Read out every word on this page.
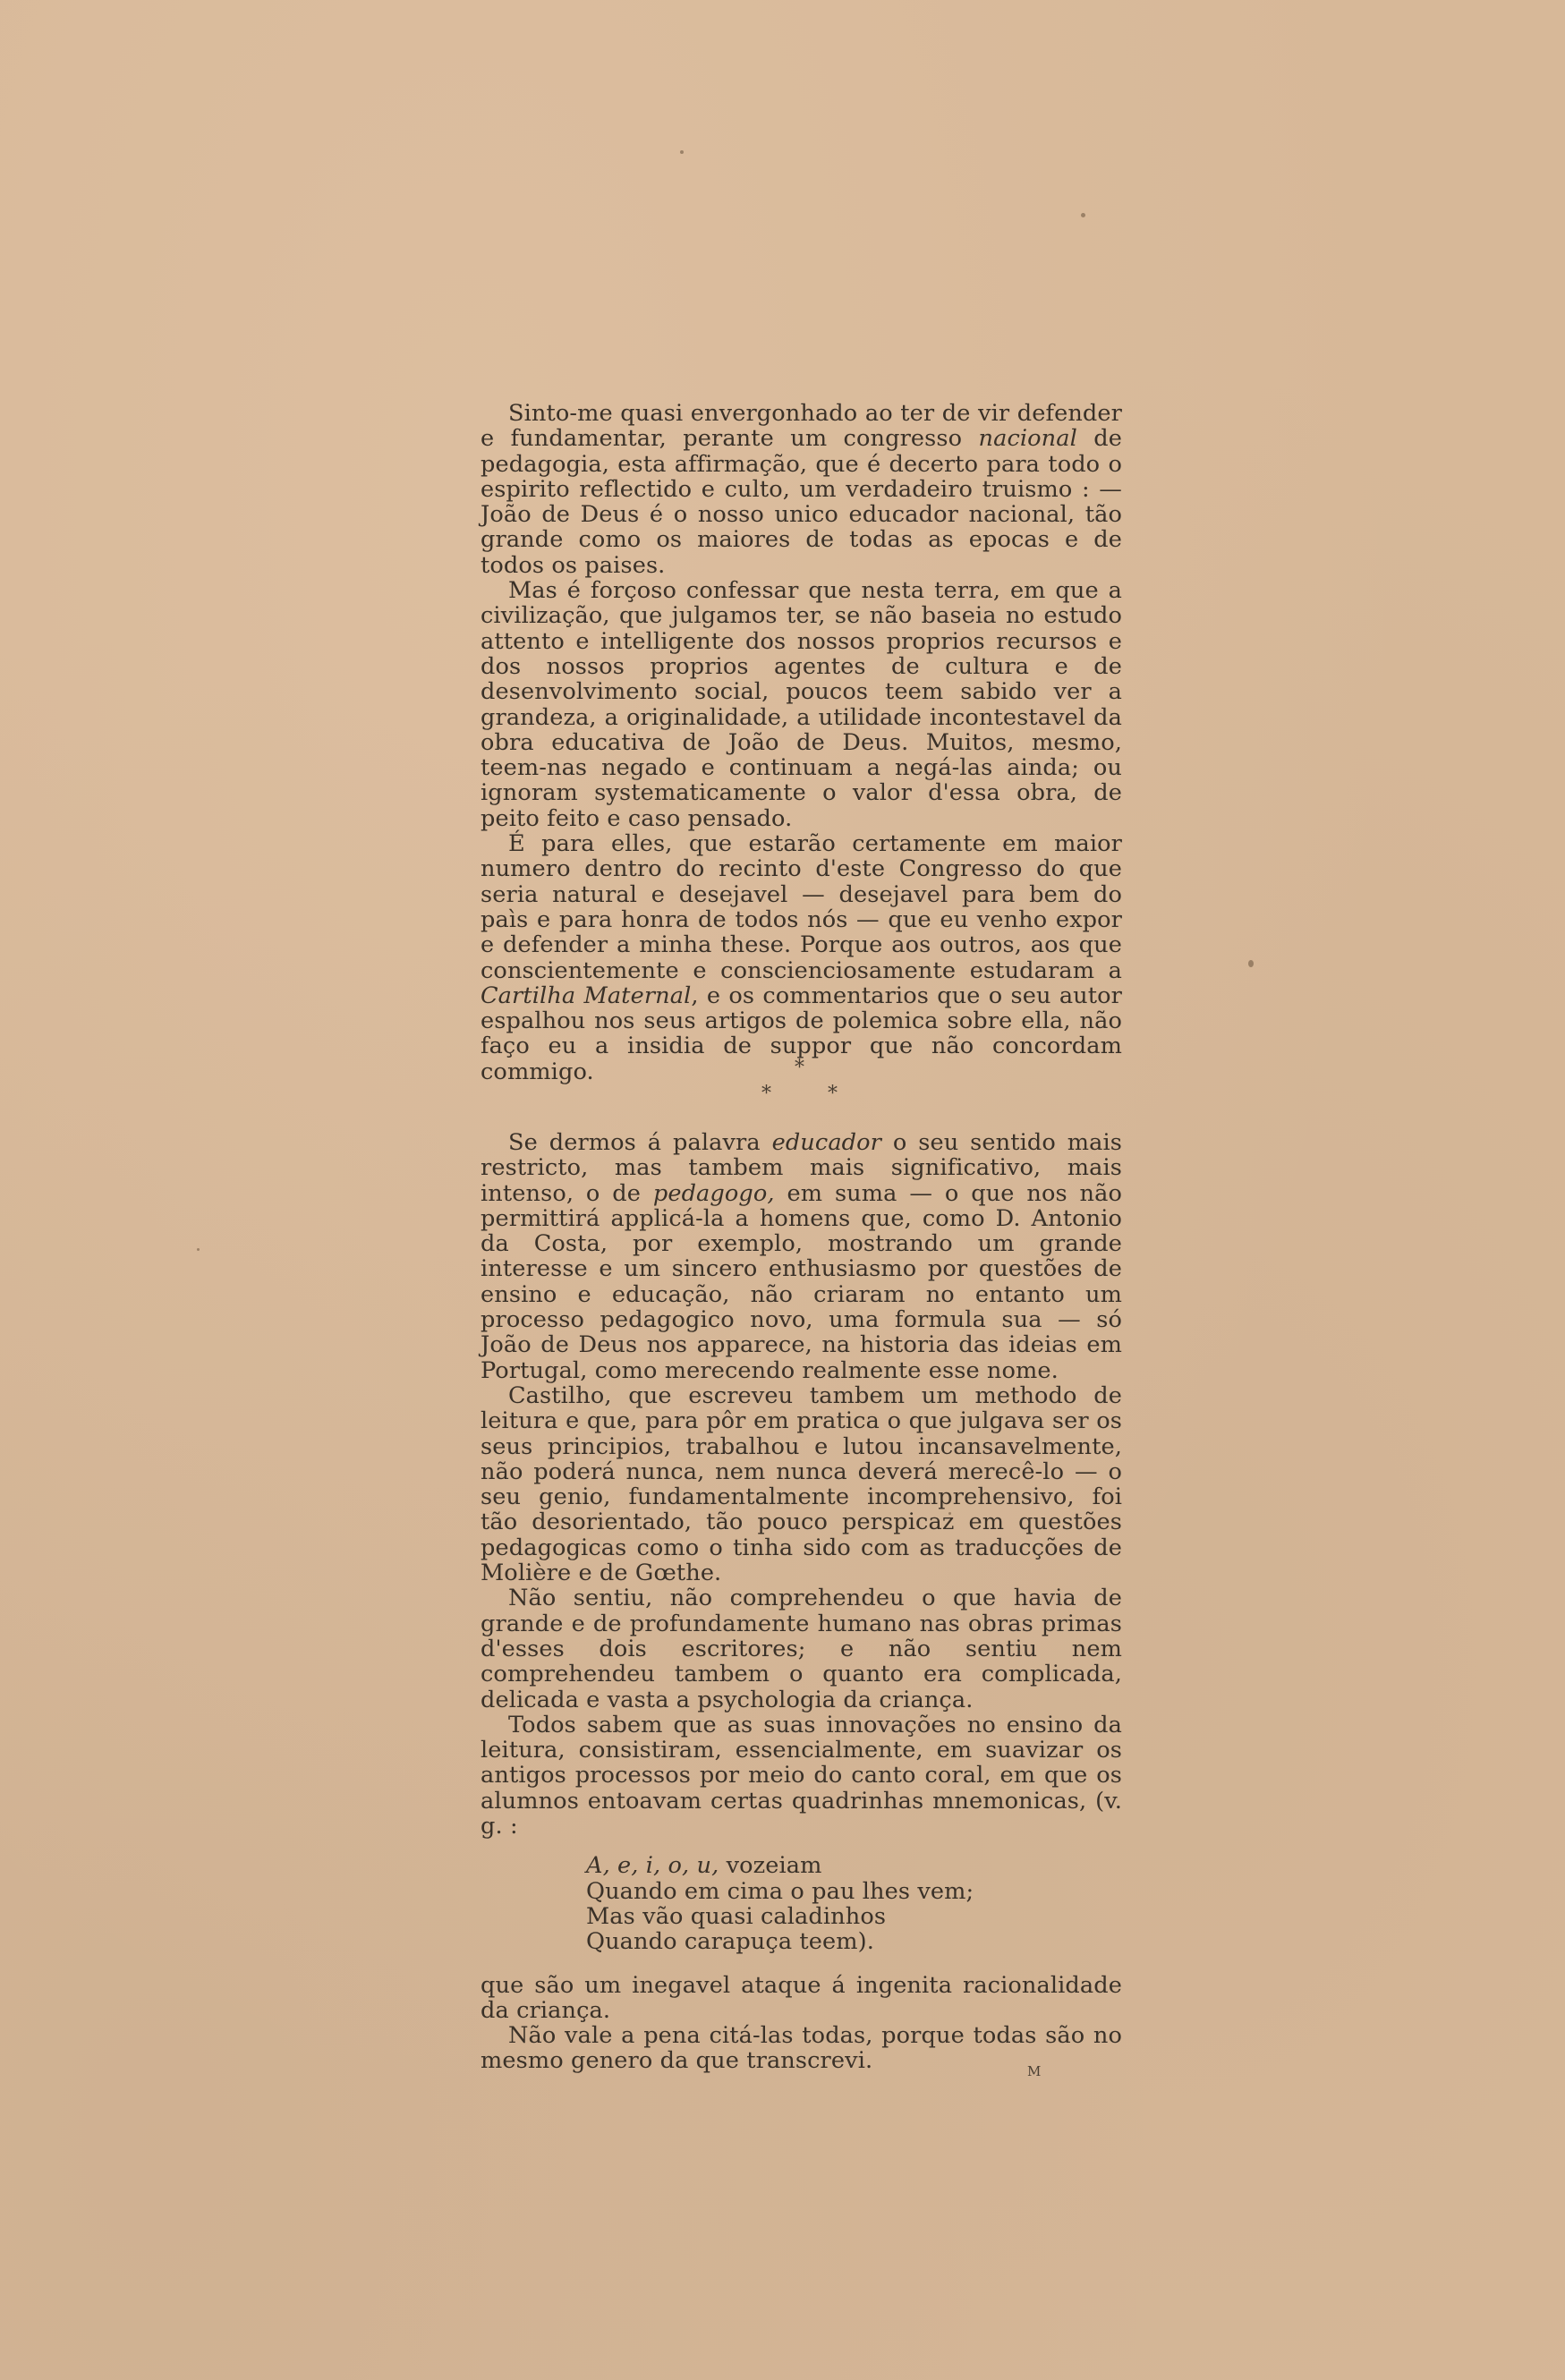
Sinto-me quasi envergonhado ao ter de vir defender e fundamentar, perante um congresso nacional de pedagogia, esta affirmação, que é decerto para todo o espirito reflectido e culto, um verdadeiro truismo : — João de Deus é o nosso unico educador nacional, tão grande como os maiores de todas as epocas e de todos os paises.

Mas é forçoso confessar que nesta terra, em que a civilização, que julgamos ter, se não baseia no estudo attento e intelligente dos nossos proprios recursos e dos nossos proprios agentes de cultura e de desenvolvimento social, poucos teem sabido ver a grandeza, a originalidade, a utilidade incontestavel da obra educativa de João de Deus. Muitos, mesmo, teem-nas negado e continuam a negá-las ainda; ou ignoram systematicamente o valor d'essa obra, de peito feito e caso pensado.

É para elles, que estarão certamente em maior numero dentro do recinto d'este Congresso do que seria natural e desejavel — desejavel para bem do paìs e para honra de todos nós — que eu venho expor e defender a minha these. Porque aos outros, aos que conscientemente e conscienciosamente estudaram a Cartilha Maternal, e os commentarios que o seu autor espalhou nos seus artigos de polemica sobre ella, não faço eu a insidia de suppor que não concordam commigo.	*
*	*

Se dermos á palavra educador o seu sentido mais restricto, mas tambem mais significativo, mais intenso, o de pedagogo, em suma — o que nos não permittirá applicá-la a homens que, como D. Antonio da Costa, por exemplo, mostrando um grande interesse e um sincero enthusiasmo por questões de ensino e educação, não criaram no entanto um processo pedagogico novo, uma formula sua — só João de Deus nos apparece, na historia das ideias em Portugal, como merecendo realmente esse nome.

Castilho, que escreveu tambem um methodo de leitura e que, para pôr em pratica o que julgava ser os seus principios, trabalhou e lutou incansavelmente, não poderá nunca, nem nunca deverá merecê-lo — o seu genio, fundamentalmente incomprehensivo, foi tão desorientado, tão pouco perspicaz em questões pedagogicas como o tinha sido com as traducções de Molière e de Gœthe.

Não sentiu, não comprehendeu o que havia de grande e de profundamente humano nas obras primas d'esses dois escritores; e não sentiu nem comprehendeu tambem o quanto era complicada, delicada e vasta a psychologia da criança.

Todos sabem que as suas innovações no ensino da leitura, consistiram, essencialmente, em suavizar os antigos processos por meio do canto coral, em que os alumnos entoavam certas quadrinhas mnemonicas, (v. g. :

A, e, i, o, u, vozeiam
Quando em cima o pau lhes vem;
Mas vão quasi caladinhos
Quando carapuça teem).

que são um inegavel ataque á ingenita racionalidade da criança.

Não vale a pena citá-las todas, porque todas são no mesmo genero da que transcrevi.	M
